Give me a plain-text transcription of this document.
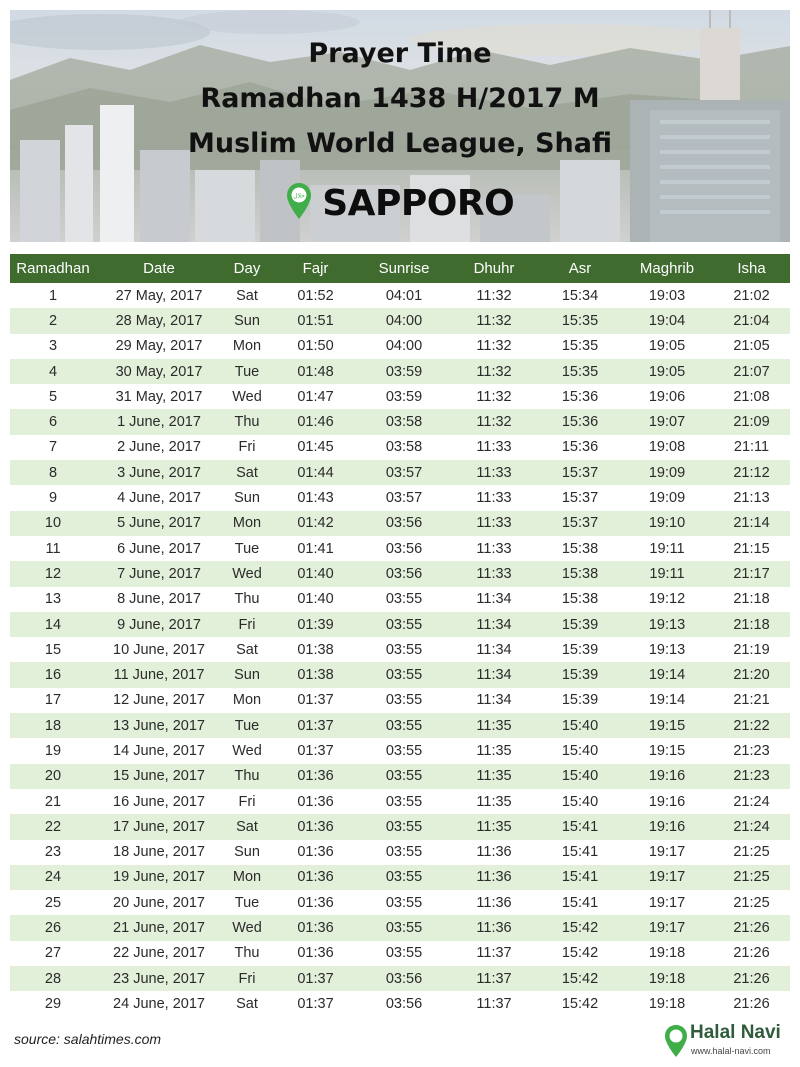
Prayer Time
Ramadhan 1438 H/2017 M
Muslim World League, Shafi
حلال SAPPORO
Ramadhan	Date	Day	Fajr	Sunrise	Dhuhr	Asr	Maghrib	Isha
1	27 May, 2017	Sat	01:52	04:01	11:32	15:34	19:03	21:02
2	28 May, 2017	Sun	01:51	04:00	11:32	15:35	19:04	21:04
3	29 May, 2017	Mon	01:50	04:00	11:32	15:35	19:05	21:05
4	30 May, 2017	Tue	01:48	03:59	11:32	15:35	19:05	21:07
5	31 May, 2017	Wed	01:47	03:59	11:32	15:36	19:06	21:08
6	1 June, 2017	Thu	01:46	03:58	11:32	15:36	19:07	21:09
7	2 June, 2017	Fri	01:45	03:58	11:33	15:36	19:08	21:11
8	3 June, 2017	Sat	01:44	03:57	11:33	15:37	19:09	21:12
9	4 June, 2017	Sun	01:43	03:57	11:33	15:37	19:09	21:13
10	5 June, 2017	Mon	01:42	03:56	11:33	15:37	19:10	21:14
11	6 June, 2017	Tue	01:41	03:56	11:33	15:38	19:11	21:15
12	7 June, 2017	Wed	01:40	03:56	11:33	15:38	19:11	21:17
13	8 June, 2017	Thu	01:40	03:55	11:34	15:38	19:12	21:18
14	9 June, 2017	Fri	01:39	03:55	11:34	15:39	19:13	21:18
15	10 June, 2017	Sat	01:38	03:55	11:34	15:39	19:13	21:19
16	11 June, 2017	Sun	01:38	03:55	11:34	15:39	19:14	21:20
17	12 June, 2017	Mon	01:37	03:55	11:34	15:39	19:14	21:21
18	13 June, 2017	Tue	01:37	03:55	11:35	15:40	19:15	21:22
19	14 June, 2017	Wed	01:37	03:55	11:35	15:40	19:15	21:23
20	15 June, 2017	Thu	01:36	03:55	11:35	15:40	19:16	21:23
21	16 June, 2017	Fri	01:36	03:55	11:35	15:40	19:16	21:24
22	17 June, 2017	Sat	01:36	03:55	11:35	15:41	19:16	21:24
23	18 June, 2017	Sun	01:36	03:55	11:36	15:41	19:17	21:25
24	19 June, 2017	Mon	01:36	03:55	11:36	15:41	19:17	21:25
25	20 June, 2017	Tue	01:36	03:55	11:36	15:41	19:17	21:25
26	21 June, 2017	Wed	01:36	03:55	11:36	15:42	19:17	21:26
27	22 June, 2017	Thu	01:36	03:55	11:37	15:42	19:18	21:26
28	23 June, 2017	Fri	01:37	03:56	11:37	15:42	19:18	21:26
29	24 June, 2017	Sat	01:37	03:56	11:37	15:42	19:18	21:26
source: salahtimes.com	Halal Navi
www.halal-navi.com
